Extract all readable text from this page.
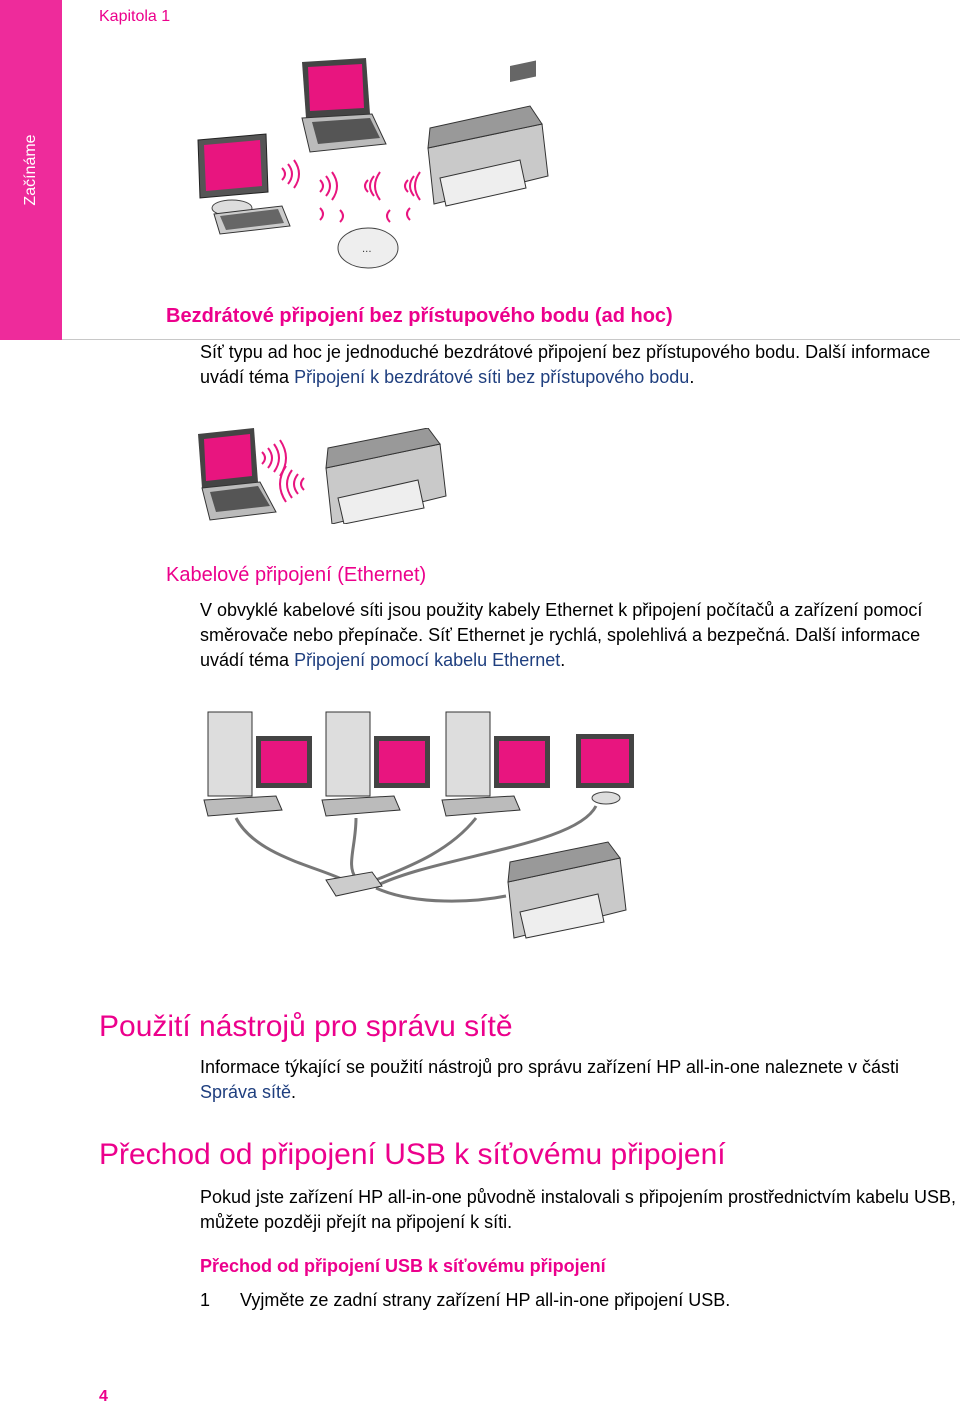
Začínáme
Kapitola 1
...
Bezdrátové připojení bez přístupového bodu (ad hoc)
Síť typu ad hoc je jednoduché bezdrátové připojení bez přístupového bodu. Další informace uvádí téma Připojení k bezdrátové síti bez přístupového bodu.
Kabelové připojení (Ethernet)
V obvyklé kabelové síti jsou použity kabely Ethernet k připojení počítačů a zařízení pomocí směrovače nebo přepínače. Síť Ethernet je rychlá, spolehlivá a bezpečná. Další informace uvádí téma Připojení pomocí kabelu Ethernet.
Použití nástrojů pro správu sítě
Informace týkající se použití nástrojů pro správu zařízení HP all-in-one naleznete v části Správa sítě.
Přechod od připojení USB k síťovému připojení
Pokud jste zařízení HP all-in-one původně instalovali s připojením prostřednictvím kabelu USB, můžete později přejít na připojení k síti.
Přechod od připojení USB k síťovému připojení
1 Vyjměte ze zadní strany zařízení HP all-in-one připojení USB.
4
